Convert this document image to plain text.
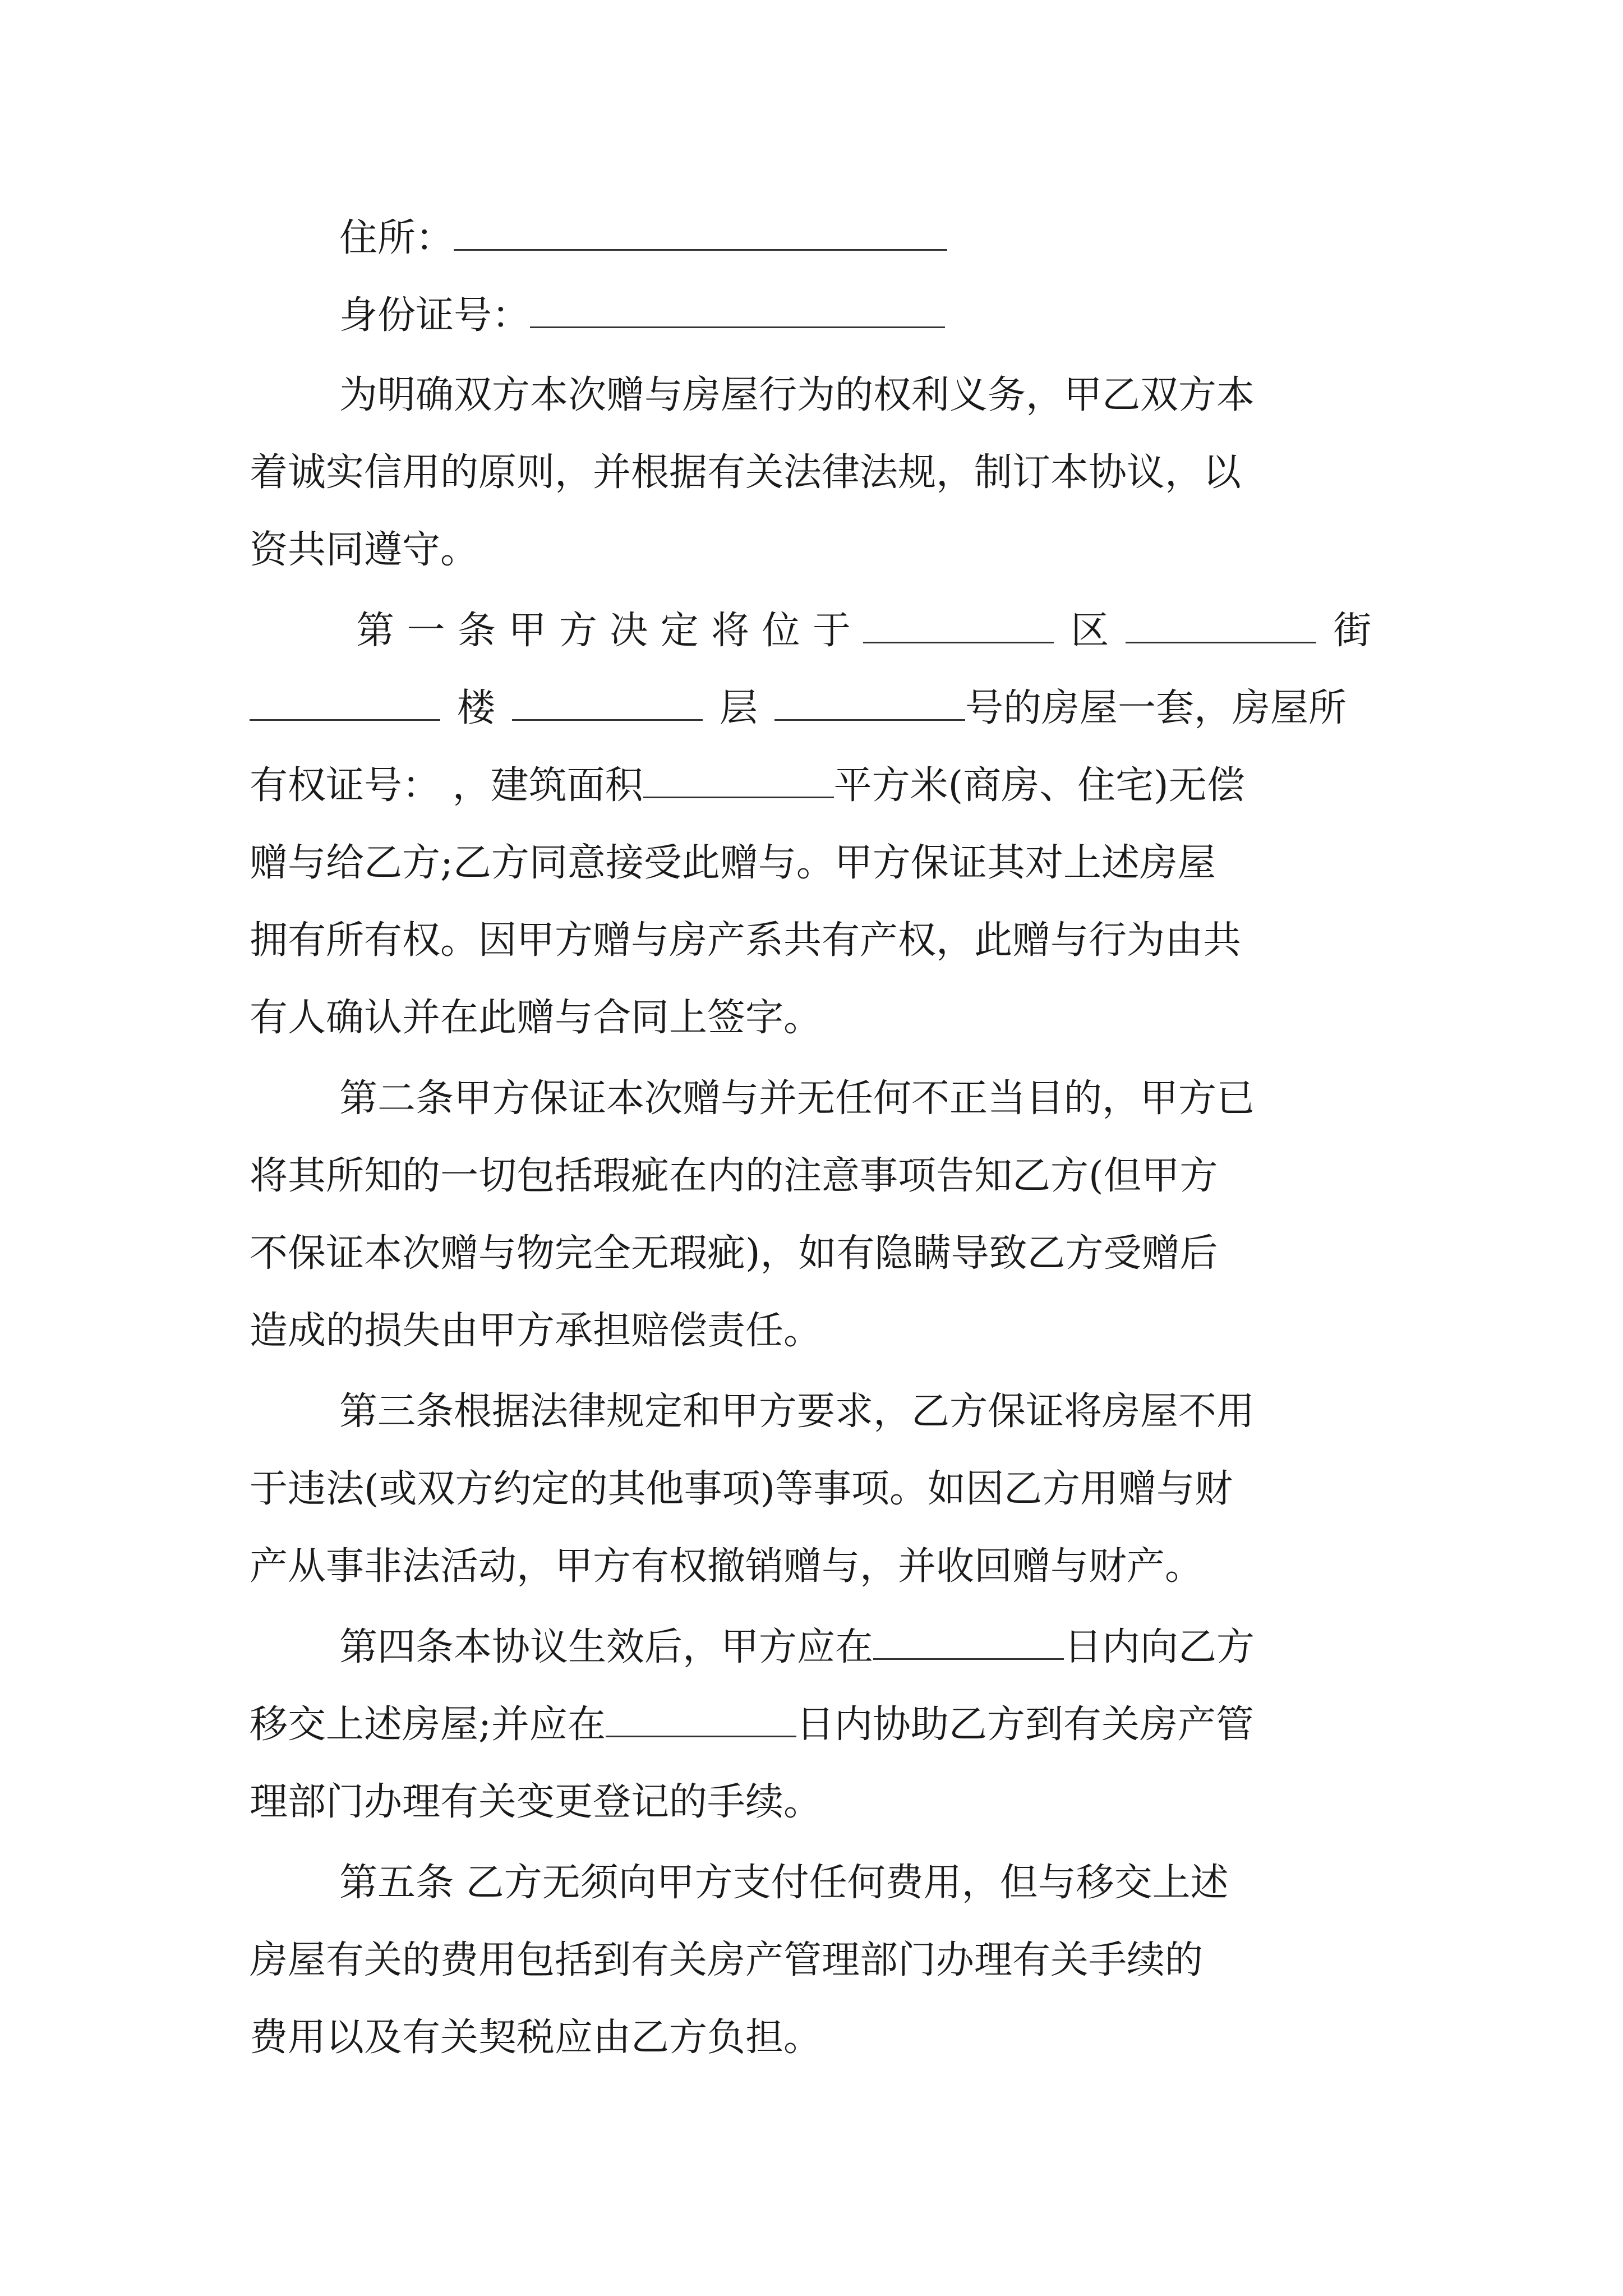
住所：
身份证号：
为明确双方本次赠与房屋行为的权利义务，甲乙双方本
着诚实信用的原则，并根据有关法律法规，制订本协议，以
资共同遵守。
第一条甲方决定将位于	区	街
楼	层	号的房屋一套，房屋所
有权证号： ，建筑面积	平方米(商房、住宅)无偿
赠与给乙方;乙方同意接受此赠与。甲方保证其对上述房屋
拥有所有权。因甲方赠与房产系共有产权，此赠与行为由共
有人确认并在此赠与合同上签字。
第二条甲方保证本次赠与并无任何不正当目的，甲方已
将其所知的一切包括瑕疵在内的注意事项告知乙方(但甲方
不保证本次赠与物完全无瑕疵)，如有隐瞒导致乙方受赠后
造成的损失由甲方承担赔偿责任。
第三条根据法律规定和甲方要求，乙方保证将房屋不用
于违法(或双方约定的其他事项)等事项。如因乙方用赠与财
产从事非法活动，甲方有权撤销赠与，并收回赠与财产。
第四条本协议生效后，甲方应在	日内向乙方
移交上述房屋;并应在	日内协助乙方到有关房产管
理部门办理有关变更登记的手续。
第五条 乙方无须向甲方支付任何费用，但与移交上述
房屋有关的费用包括到有关房产管理部门办理有关手续的
费用以及有关契税应由乙方负担。
